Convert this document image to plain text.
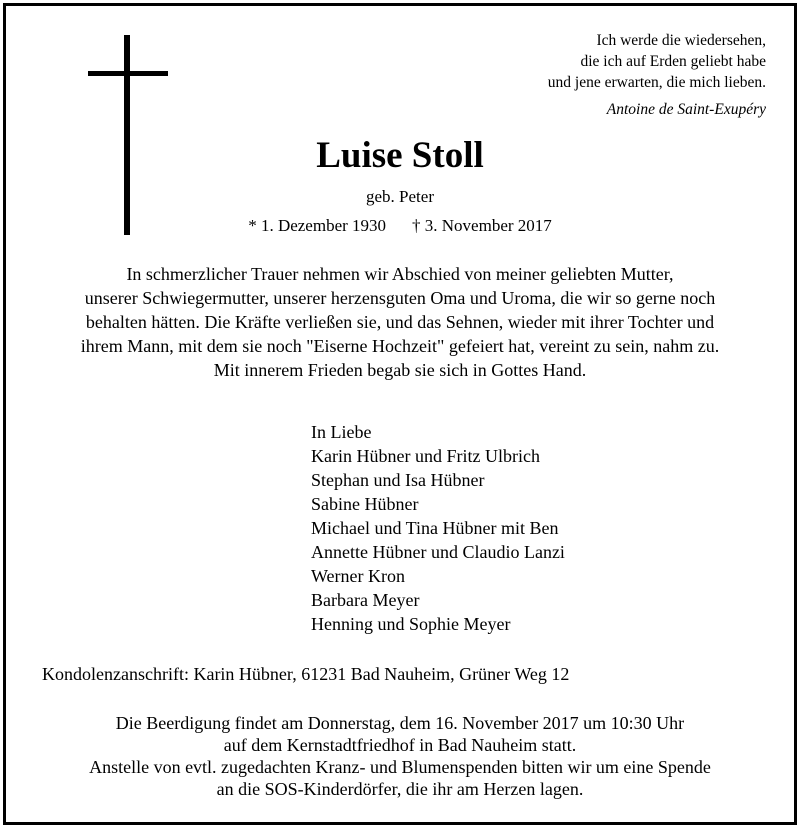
Ich werde die wiedersehen,
die ich auf Erden geliebt habe
und jene erwarten, die mich lieben.
Antoine de Saint-Exupéry
Luise Stoll
geb. Peter
* 1. Dezember 1930 † 3. November 2017
In schmerzlicher Trauer nehmen wir Abschied von meiner geliebten Mutter,
unserer Schwiegermutter, unserer herzensguten Oma und Uroma, die wir so gerne noch
behalten hätten. Die Kräfte verließen sie, und das Sehnen, wieder mit ihrer Tochter und
ihrem Mann, mit dem sie noch "Eiserne Hochzeit" gefeiert hat, vereint zu sein, nahm zu.
Mit innerem Frieden begab sie sich in Gottes Hand.
In Liebe
Karin Hübner und Fritz Ulbrich
Stephan und Isa Hübner
Sabine Hübner
Michael und Tina Hübner mit Ben
Annette Hübner und Claudio Lanzi
Werner Kron
Barbara Meyer
Henning und Sophie Meyer
Kondolenzanschrift: Karin Hübner, 61231 Bad Nauheim, Grüner Weg 12
Die Beerdigung findet am Donnerstag, dem 16. November 2017 um 10:30 Uhr
auf dem Kernstadtfriedhof in Bad Nauheim statt.
Anstelle von evtl. zugedachten Kranz- und Blumenspenden bitten wir um eine Spende
an die SOS-Kinderdörfer, die ihr am Herzen lagen.
